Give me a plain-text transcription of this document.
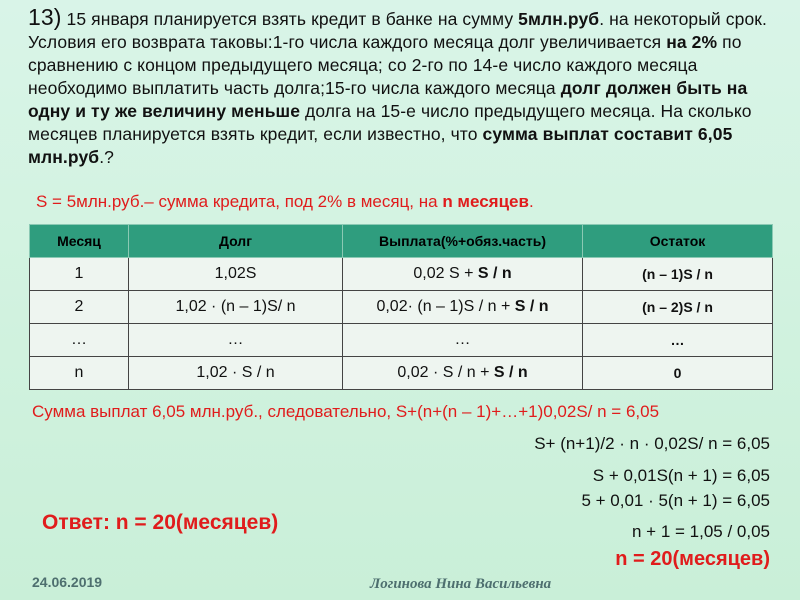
13) 15 января планируется взять кредит в банке на сумму 5млн.руб. на некоторый срок. Условия его возврата таковы:1-го числа каждого месяца долг увеличивается на 2% по сравнению с концом предыдущего месяца; со 2-го по 14-е число каждого месяца необходимо выплатить часть долга;15-го числа каждого месяца долг должен быть на одну и ту же величину меньше долга на 15-е число предыдущего месяца. На сколько месяцев планируется взять кредит, если известно, что сумма выплат составит 6,05 млн.руб.?
S = 5млн.руб.– сумма кредита, под 2% в месяц, на n месяцев.
Месяц	Долг	Выплата(%+обяз.часть)	Остаток
1	1,02S	0,02 S + S / n	(n – 1)S / n
2	1,02 · (n – 1)S/ n	0,02· (n – 1)S / n + S / n	(n – 2)S / n
…	…	…	…
n	1,02 · S / n	0,02 · S / n + S / n	0
Сумма выплат 6,05 млн.руб., следовательно, S+(n+(n – 1)+…+1)0,02S/ n = 6,05
S+ (n+1)/2 · n · 0,02S/ n = 6,05
S + 0,01S(n + 1) = 6,05
5 + 0,01 · 5(n + 1) = 6,05
n + 1 = 1,05 / 0,05
Ответ: n = 20(месяцев)
n = 20(месяцев)
24.06.2019	Логинова Нина Васильевна
